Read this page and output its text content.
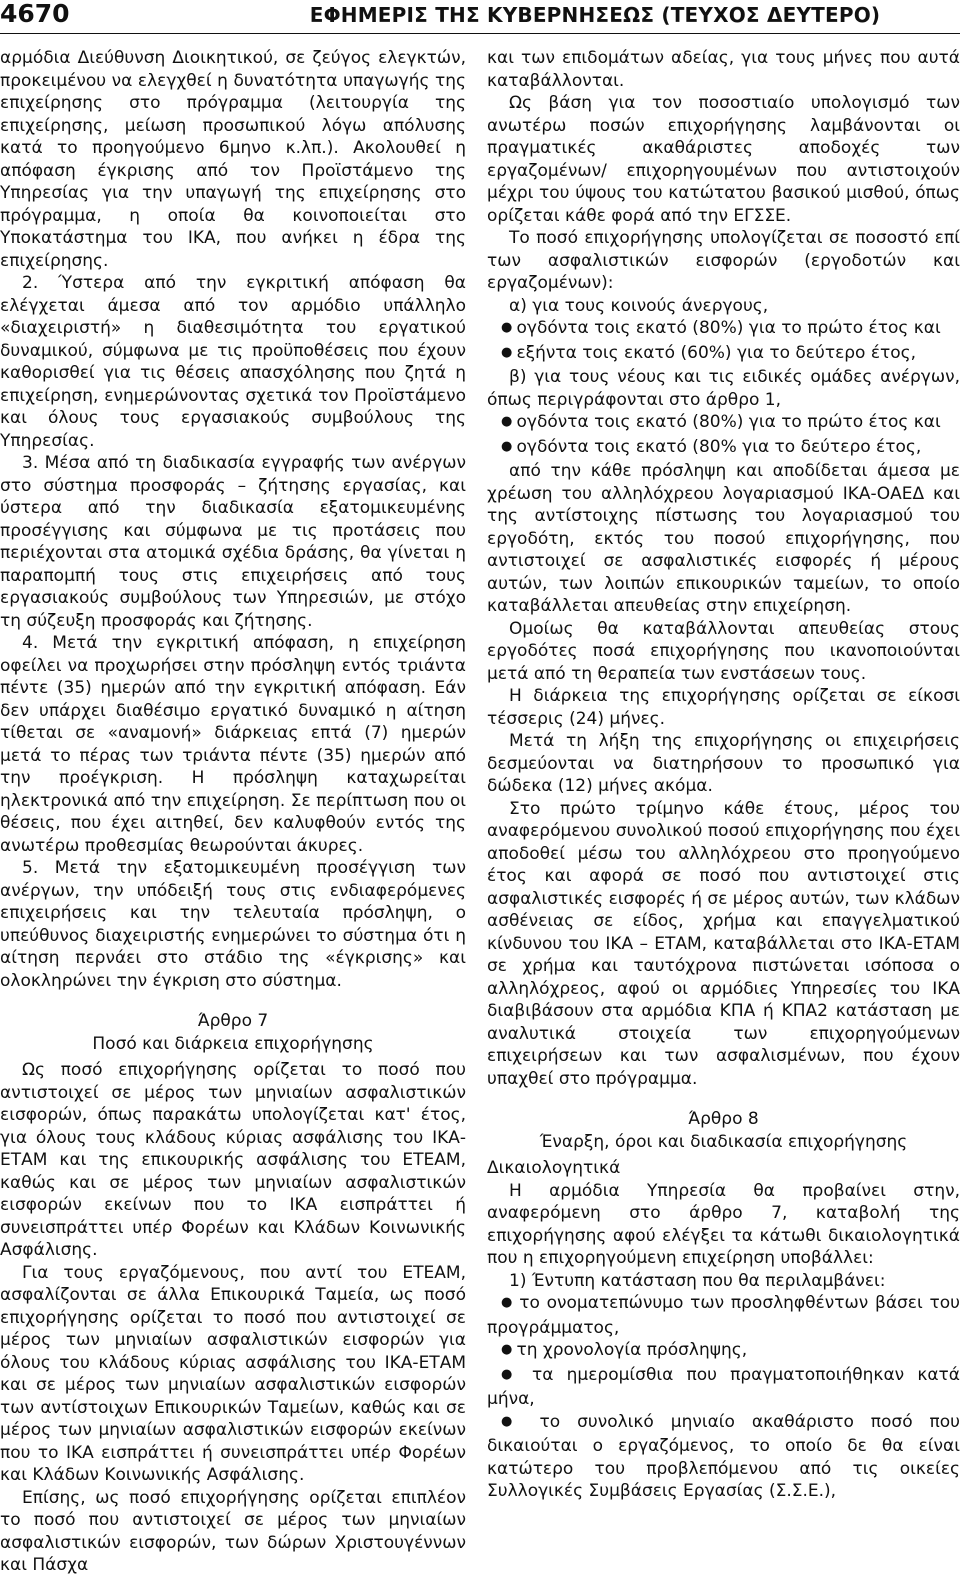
4670	ΕΦΗΜΕΡΙΣ ΤΗΣ ΚΥΒΕΡΝΗΣΕΩΣ (ΤΕΥΧΟΣ ΔΕΥΤΕΡΟ)

αρμόδια Διεύθυνση Διοικητικού, σε ζεύγος ελεγκτών, προκειμένου να ελεγχθεί η δυνατότητα υπαγωγής της επιχείρησης στο πρόγραμμα (λειτουργία της επιχείρησης, μείωση προσωπικού λόγω απόλυσης κατά το προηγούμενο 6μηνο κ.λπ.). Ακολουθεί η απόφαση έγκρισης από τον Προϊστάμενο της Υπηρεσίας για την υπαγωγή της επιχείρησης στο πρόγραμμα, η οποία θα κοινοποιείται στο Υποκατάστημα του ΙΚΑ, που ανήκει η έδρα της επιχείρησης.

2. Ύστερα από την εγκριτική απόφαση θα ελέγχεται άμεσα από τον αρμόδιο υπάλληλο «διαχειριστή» η διαθεσιμότητα του εργατικού δυναμικού, σύμφωνα με τις προϋποθέσεις που έχουν καθορισθεί για τις θέσεις απασχόλησης που ζητά η επιχείρηση, ενημερώνοντας σχετικά τον Προϊστάμενο και όλους τους εργασιακούς συμβούλους της Υπηρεσίας.

3. Μέσα από τη διαδικασία εγγραφής των ανέργων στο σύστημα προσφοράς – ζήτησης εργασίας, και ύστερα από την διαδικασία εξατομικευμένης προσέγγισης και σύμφωνα με τις προτάσεις που περιέχονται στα ατομικά σχέδια δράσης, θα γίνεται η παραπομπή τους στις επιχειρήσεις από τους εργασιακούς συμβούλους των Υπηρεσιών, με στόχο τη σύζευξη προσφοράς και ζήτησης.

4. Μετά την εγκριτική απόφαση, η επιχείρηση οφείλει να προχωρήσει στην πρόσληψη εντός τριάντα πέντε (35) ημερών από την εγκριτική απόφαση. Εάν δεν υπάρχει διαθέσιμο εργατικό δυναμικό η αίτηση τίθεται σε «αναμονή» διάρκειας επτά (7) ημερών μετά το πέρας των τριάντα πέντε (35) ημερών από την προέγκριση. Η πρόσληψη καταχωρείται ηλεκτρονικά από την επιχείρηση. Σε περίπτωση που οι θέσεις, που έχει αιτηθεί, δεν καλυφθούν εντός της ανωτέρω προθεσμίας θεωρούνται άκυρες.

5. Μετά την εξατομικευμένη προσέγγιση των ανέργων, την υπόδειξή τους στις ενδιαφερόμενες επιχειρήσεις και την τελευταία πρόσληψη, ο υπεύθυνος διαχειριστής ενημερώνει το σύστημα ότι η αίτηση περνάει στο στάδιο της «έγκρισης» και ολοκληρώνει την έγκριση στο σύστημα.

Άρθρο 7
Ποσό και διάρκεια επιχορήγησης

Ως ποσό επιχορήγησης ορίζεται το ποσό που αντιστοιχεί σε μέρος των μηνιαίων ασφαλιστικών εισφορών, όπως παρακάτω υπολογίζεται κατ' έτος, για όλους τους κλάδους κύριας ασφάλισης του ΙΚΑ-ΕΤΑΜ και της επικουρικής ασφάλισης του ΕΤΕΑΜ, καθώς και σε μέρος των μηνιαίων ασφαλιστικών εισφορών εκείνων που το ΙΚΑ εισπράττει ή συνεισπράττει υπέρ Φορέων και Κλάδων Κοινωνικής Ασφάλισης.

Για τους εργαζόμενους, που αντί του ΕΤΕΑΜ, ασφαλίζονται σε άλλα Επικουρικά Ταμεία, ως ποσό επιχορήγησης ορίζεται το ποσό που αντιστοιχεί σε μέρος των μηνιαίων ασφαλιστικών εισφορών για όλους του κλάδους κύριας ασφάλισης του ΙΚΑ-ΕΤΑΜ και σε μέρος των μηνιαίων ασφαλιστικών εισφορών των αντίστοιχων Επικουρικών Ταμείων, καθώς και σε μέρος των μηνιαίων ασφαλιστικών εισφορών εκείνων που το ΙΚΑ εισπράττει ή συνεισπράττει υπέρ Φορέων και Κλάδων Κοινωνικής Ασφάλισης.

Επίσης, ως ποσό επιχορήγησης ορίζεται επιπλέον το ποσό που αντιστοιχεί σε μέρος των μηνιαίων ασφαλιστικών εισφορών, των δώρων Χριστουγέννων και Πάσχα

και των επιδομάτων αδείας, για τους μήνες που αυτά καταβάλλονται.

Ως βάση για τον ποσοστιαίο υπολογισμό των ανωτέρω ποσών επιχορήγησης λαμβάνονται οι πραγματικές ακαθάριστες αποδοχές των εργαζομένων/ επιχορηγουμένων που αντιστοιχούν μέχρι του ύψους του κατώτατου βασικού μισθού, όπως ορίζεται κάθε φορά από την ΕΓΣΣΕ.

Το ποσό επιχορήγησης υπολογίζεται σε ποσοστό επί των ασφαλιστικών εισφορών (εργοδοτών και εργαζομένων):

α) για τους κοινούς άνεργους,

● ογδόντα τοις εκατό (80%) για το πρώτο έτος και

● εξήντα τοις εκατό (60%) για το δεύτερο έτος,

β) για τους νέους και τις ειδικές ομάδες ανέργων, όπως περιγράφονται στο άρθρο 1,

● ογδόντα τοις εκατό (80%) για το πρώτο έτος και

● ογδόντα τοις εκατό (80% για το δεύτερο έτος,

από την κάθε πρόσληψη και αποδίδεται άμεσα με χρέωση του αλληλόχρεου λογαριασμού ΙΚΑ-ΟΑΕΔ και της αντίστοιχης πίστωσης του λογαριασμού του εργοδότη, εκτός του ποσού επιχορήγησης, που αντιστοιχεί σε ασφαλιστικές εισφορές ή μέρους αυτών, των λοιπών επικουρικών ταμείων, το οποίο καταβάλλεται απευθείας στην επιχείρηση.

Ομοίως θα καταβάλλονται απευθείας στους εργοδότες ποσά επιχορήγησης που ικανοποιούνται μετά από τη θεραπεία των ενστάσεων τους.

Η διάρκεια της επιχορήγησης ορίζεται σε είκοσι τέσσερις (24) μήνες.

Μετά τη λήξη της επιχορήγησης οι επιχειρήσεις δεσμεύονται να διατηρήσουν το προσωπικό για δώδεκα (12) μήνες ακόμα.

Στο πρώτο τρίμηνο κάθε έτους, μέρος του αναφερόμενου συνολικού ποσού επιχορήγησης που έχει αποδοθεί μέσω του αλληλόχρεου στο προηγούμενο έτος και αφορά σε ποσό που αντιστοιχεί στις ασφαλιστικές εισφορές ή σε μέρος αυτών, των κλάδων ασθένειας σε είδος, χρήμα και επαγγελματικού κίνδυνου του ΙΚΑ – ΕΤΑΜ, καταβάλλεται στο ΙΚΑ-ΕΤΑΜ σε χρήμα και ταυτόχρονα πιστώνεται ισόποσα ο αλληλόχρεος, αφού οι αρμόδιες Υπηρεσίες του ΙΚΑ διαβιβάσουν στα αρμόδια ΚΠΑ ή ΚΠΑ2 κατάσταση με αναλυτικά στοιχεία των επιχορηγούμενων επιχειρήσεων και των ασφαλισμένων, που έχουν υπαχθεί στο πρόγραμμα.

Άρθρο 8
Έναρξη, όροι και διαδικασία επιχορήγησης

Δικαιολογητικά

Η αρμόδια Υπηρεσία θα προβαίνει στην, αναφερόμενη στο άρθρο 7, καταβολή της επιχορήγησης αφού ελέγξει τα κάτωθι δικαιολογητικά που η επιχορηγούμενη επιχείρηση υποβάλλει:

1) Έντυπη κατάσταση που θα περιλαμβάνει:

● το ονοματεπώνυμο των προσληφθέντων βάσει του προγράμματος,

● τη χρονολογία πρόσληψης,

● τα ημερομίσθια που πραγματοποιήθηκαν κατά μήνα,

● το συνολικό μηνιαίο ακαθάριστο ποσό που δικαιούται ο εργαζόμενος, το οποίο δε θα είναι κατώτερο του προβλεπόμενου από τις οικείες Συλλογικές Συμβάσεις Εργασίας (Σ.Σ.Ε.),
